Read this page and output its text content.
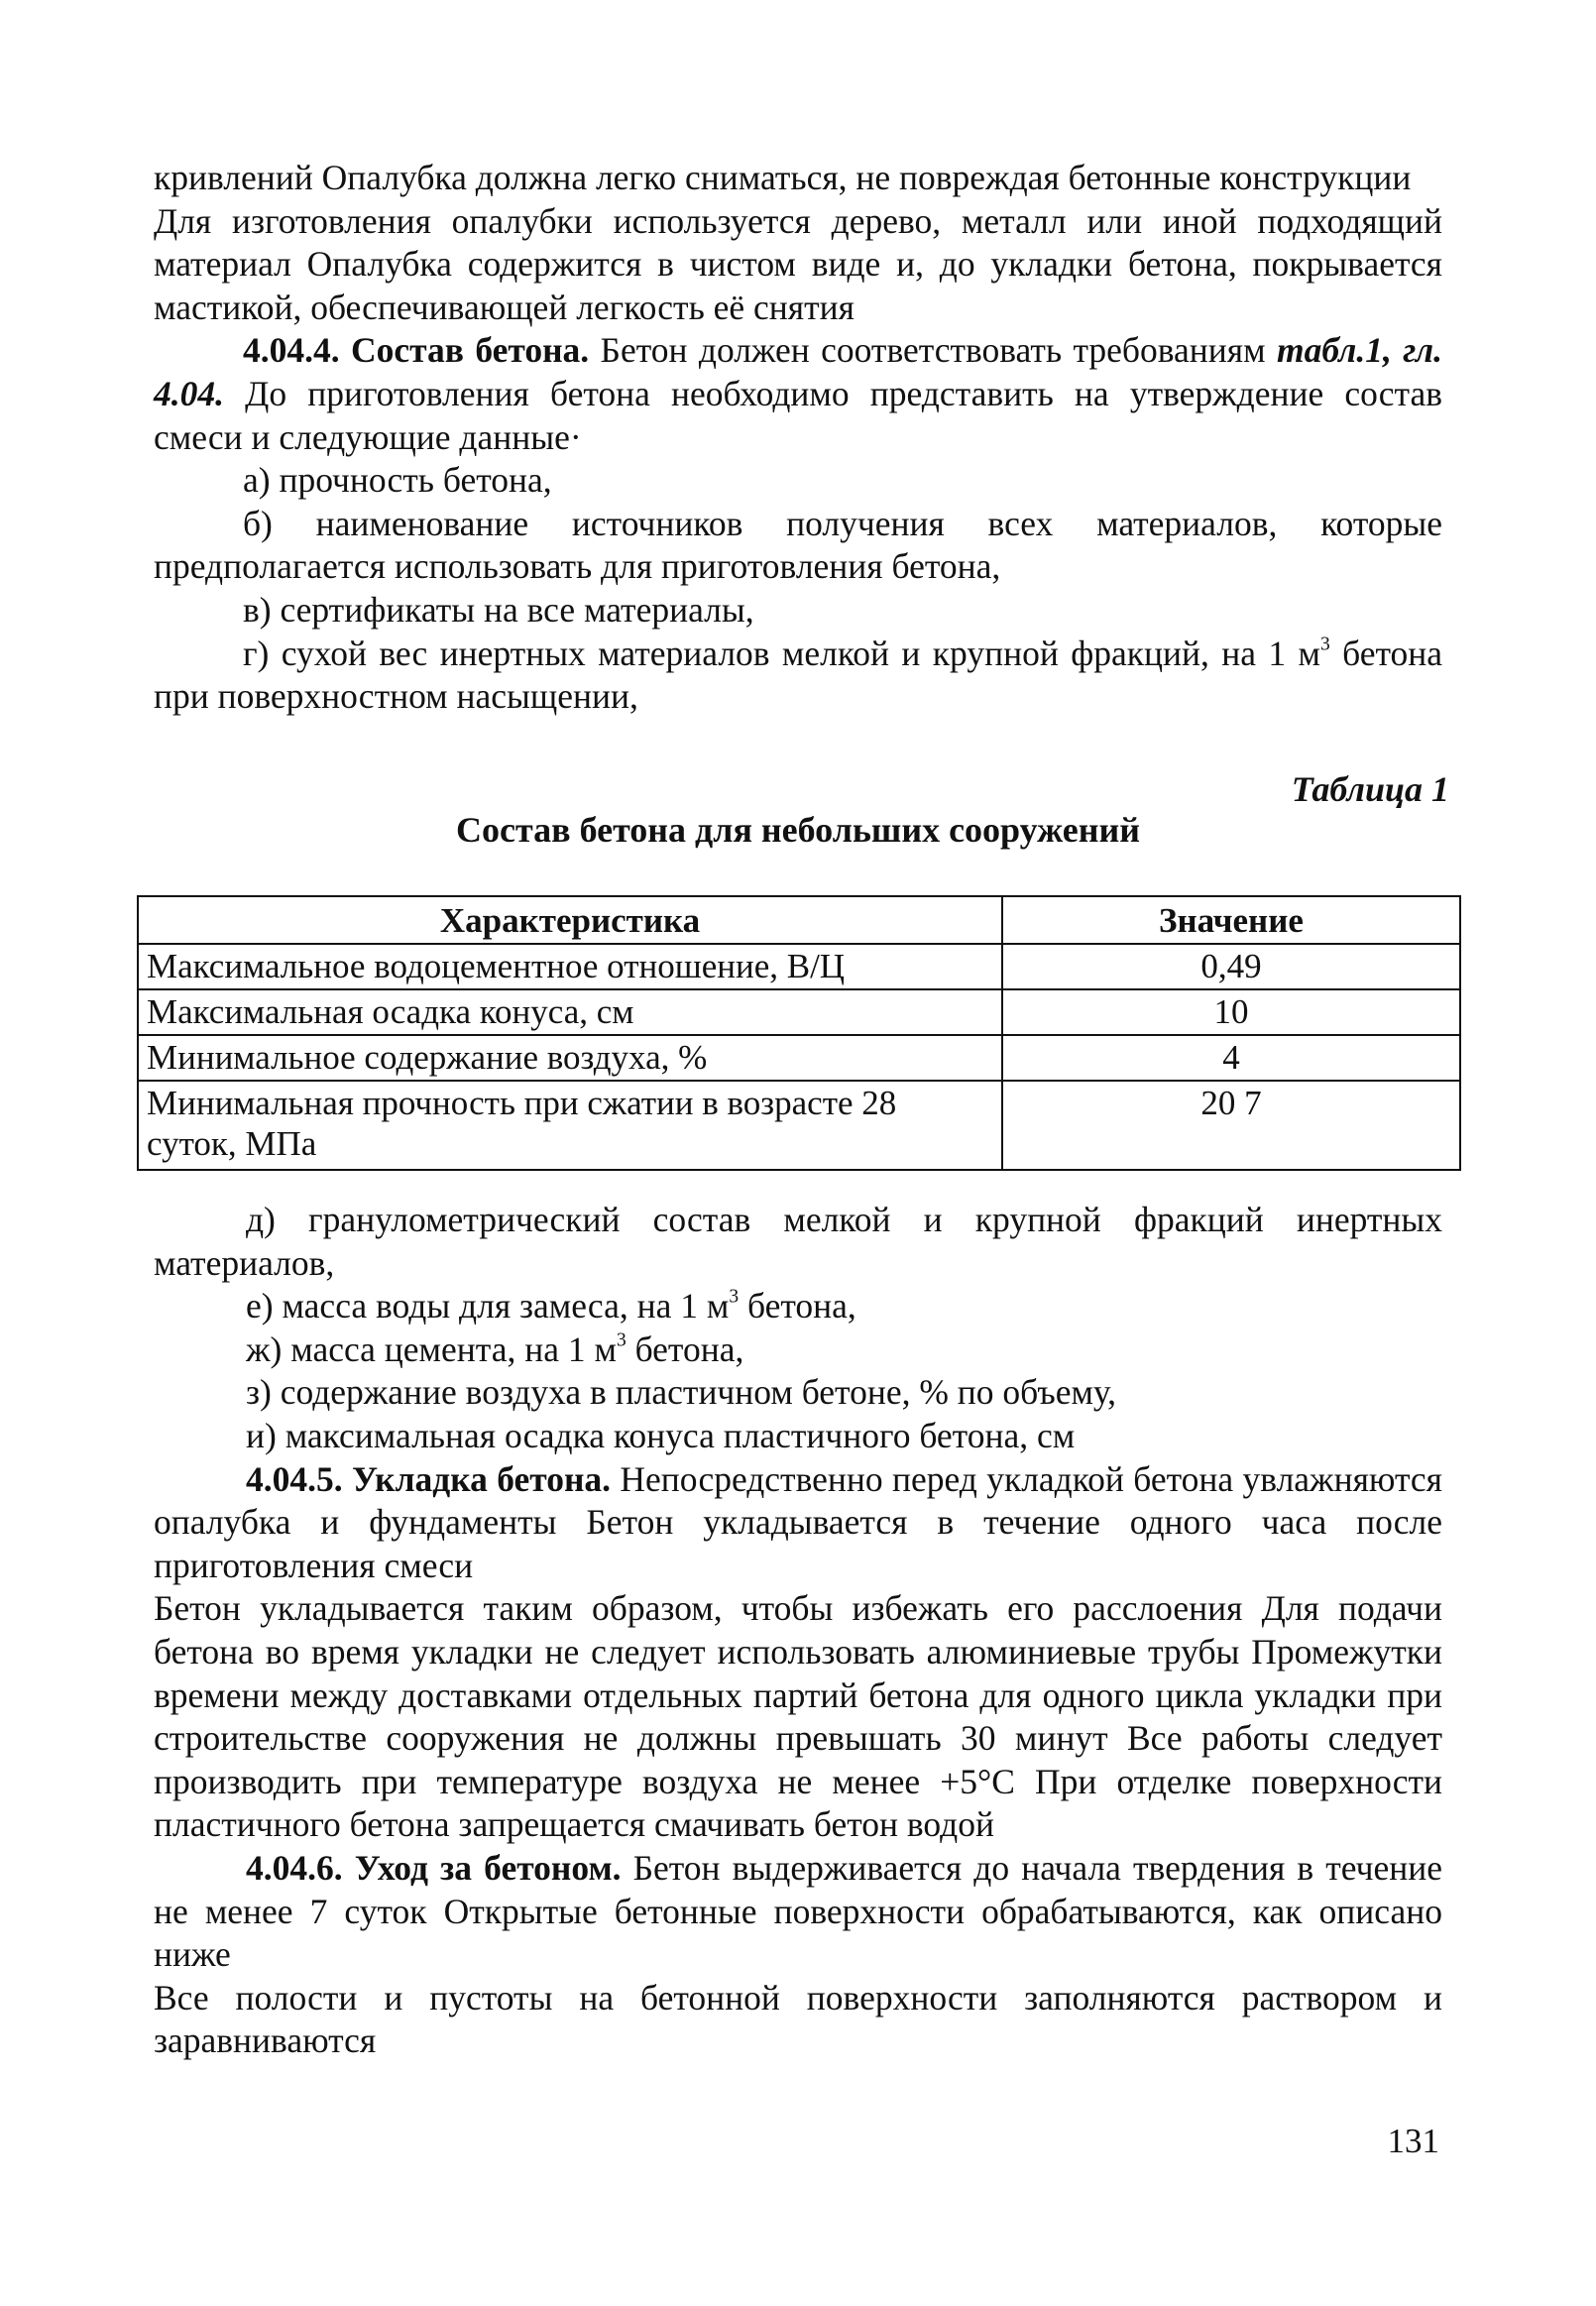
кривлений Опалубка должна легко сниматься, не повреждая бетонные конструкции

Для изготовления опалубки используется дерево, металл или иной подходящий материал Опалубка содержится в чистом виде и, до укладки бетона, покрывается мастикой, обеспечивающей легкость её снятия

4.04.4. Состав бетона. Бетон должен соответствовать требованиям табл.1, гл. 4.04. До приготовления бетона необходимо представить на утверждение состав смеси и следующие данные·

а) прочность бетона,

б) наименование источников получения всех материалов, которые предполагается использовать для приготовления бетона,

в) сертификаты на все материалы,

г) сухой вес инертных материалов мелкой и крупной фракций, на 1 $м^3$ бетона при поверхностном насыщении,

Таблица 1
Состав бетона для небольших сооружений
Характеристика	Значение
Максимальное водоцементное отношение, В/Ц	0,49
Максимальная осадка конуса, см	10
Минимальное содержание воздуха, %	4
Минимальная прочность при сжатии в возрасте 28 суток, МПа	20 7

д) гранулометрический состав мелкой и крупной фракций инертных материалов,

е) масса воды для замеса, на 1 $м^3$ бетона,

ж) масса цемента, на 1 $м^3$ бетона,

з) содержание воздуха в пластичном бетоне, % по объему,

и) максимальная осадка конуса пластичного бетона, см

4.04.5. Укладка бетона. Непосредственно перед укладкой бетона увлажняются опалубка и фундаменты Бетон укладывается в течение одного часа после приготовления смеси

Бетон укладывается таким образом, чтобы избежать его расслоения Для подачи бетона во время укладки не следует использовать алюминиевые трубы Промежутки времени между доставками отдельных партий бетона для одного цикла укладки при строительстве сооружения не должны превышать 30 минут Все работы следует производить при температуре воздуха не менее +5°С При отделке поверхности пластичного бетона запрещается смачивать бетон водой

4.04.6. Уход за бетоном. Бетон выдерживается до начала твердения в течение не менее 7 суток Открытые бетонные поверхности обрабатываются, как описано ниже

Все полости и пустоты на бетонной поверхности заполняются раствором и заравниваются

131
